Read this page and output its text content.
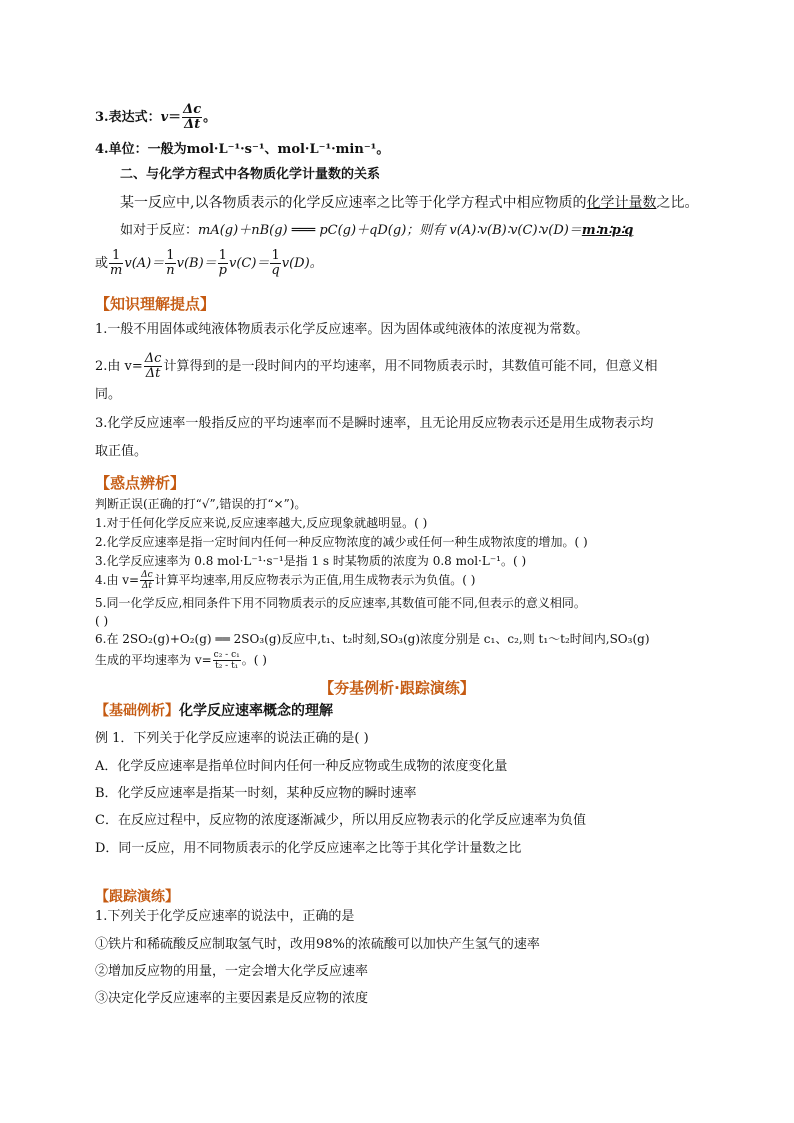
3.表达式：$v= \frac{\Delta c}{\Delta t}$ 。
4.单位：一般为mol·L⁻¹·s⁻¹、mol·L⁻¹·min⁻¹。
二、与化学方程式中各物质化学计量数的关系
某一反应中,以各物质表示的化学反应速率之比等于化学方程式中相应物质的化学计量数之比。
如对于反应：mA(g)＋nB(g) ═══ pC(g)＋qD(g)；则有 v(A)∶v(B)∶v(C)∶v(D)＝m∶n∶p∶q
或 $\frac{1}{m} v(A)= \frac{1}{n} v(B)= \frac{1}{p} v(C)= \frac{1}{q} v(D)$。
【知识理解提点】
1.一般不用固体或纯液体物质表示化学反应速率。因为固体或纯液体的浓度视为常数。
2.由 $v= \frac{\Delta c}{\Delta t}$ 计算得到的是一段时间内的平均速率，用不同物质表示时，其数值可能不同，但意义相
同。
3.化学反应速率一般指反应的平均速率而不是瞬时速率，且无论用反应物表示还是用生成物表示均
取正值。
【惑点辨析】
判断正误(正确的打“√”,错误的打“×”)。
1.对于任何化学反应来说,反应速率越大,反应现象就越明显。( )
2.化学反应速率是指一定时间内任何一种反应物浓度的减少或任何一种生成物浓度的增加。( )
3.化学反应速率为 0.8 mol·L⁻¹·s⁻¹是指 1 s 时某物质的浓度为 0.8 mol·L⁻¹。( )
4.由 $v= \frac{\Delta c}{\Delta t}$ 计算平均速率,用反应物表示为正值,用生成物表示为负值。( )
5.同一化学反应,相同条件下用不同物质表示的反应速率,其数值可能不同,但表示的意义相同。
( )
6.在 2SO₂(g)+O₂(g) ══ 2SO₃(g)反应中,t₁、t₂时刻,SO₃(g)浓度分别是 c₁、c₂,则 t₁～t₂时间内,SO₃(g)
生成的平均速率为 $v= \frac{\text{c₂ - c₁}}{\text{t₂ - t₁}}$ 。( )
【夯基例析·跟踪演练】
【基础例析】化学反应速率概念的理解
例 1．下列关于化学反应速率的说法正确的是( )
A．化学反应速率是指单位时间内任何一种反应物或生成物的浓度变化量
B．化学反应速率是指某一时刻，某种反应物的瞬时速率
C．在反应过程中，反应物的浓度逐渐减少，所以用反应物表示的化学反应速率为负值
D．同一反应，用不同物质表示的化学反应速率之比等于其化学计量数之比
【跟踪演练】
1.下列关于化学反应速率的说法中，正确的是
①铁片和稀硫酸反应制取氢气时，改用98%的浓硫酸可以加快产生氢气的速率
②增加反应物的用量，一定会增大化学反应速率
③决定化学反应速率的主要因素是反应物的浓度
